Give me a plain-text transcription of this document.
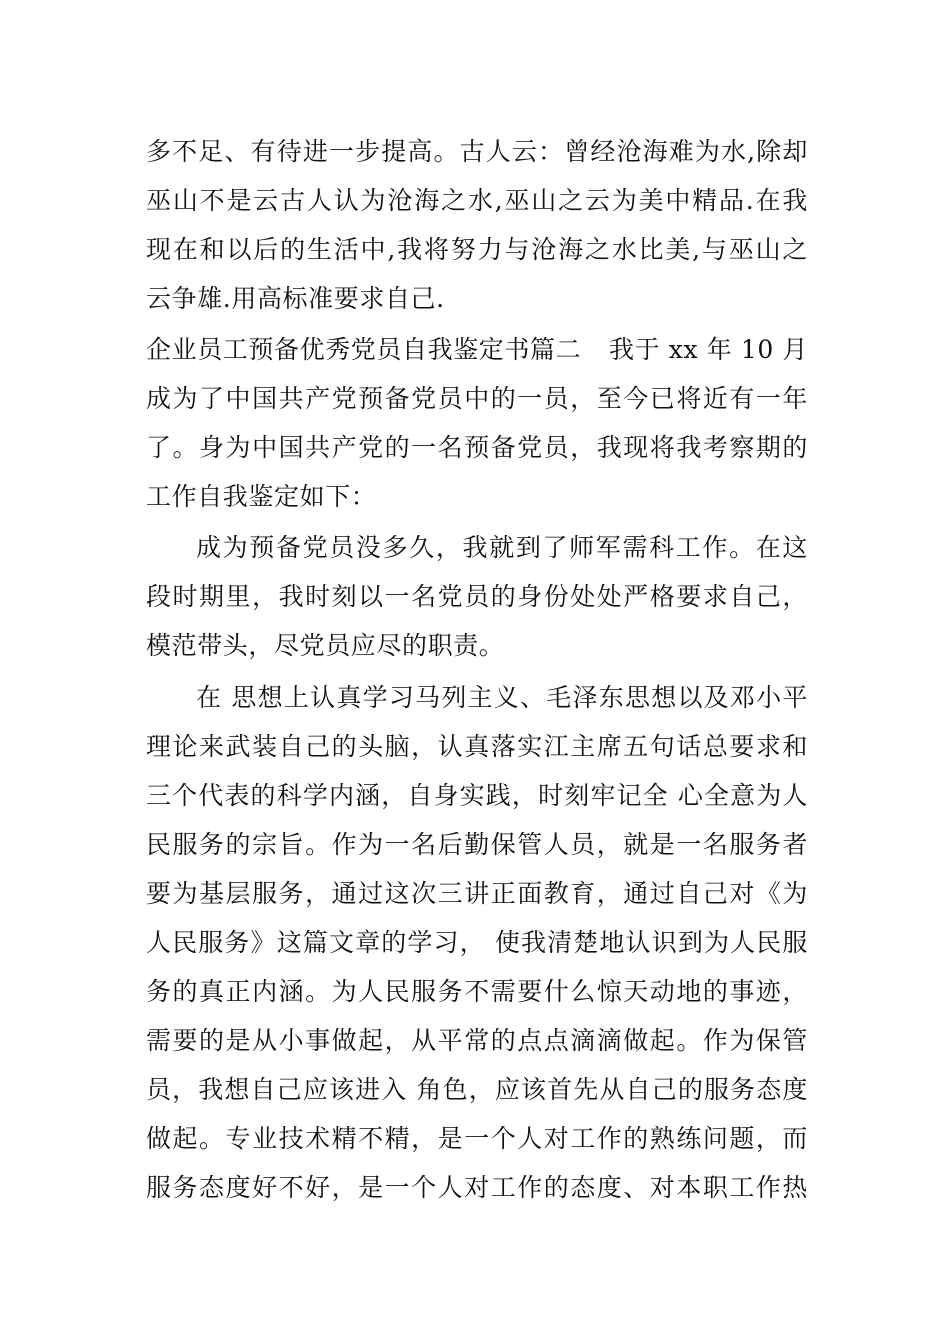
多不足、有待进一步提高。古人云：曾经沧海难为水,除却
巫山不是云古人认为沧海之水,巫山之云为美中精品.在我
现在和以后的生活中,我将努力与沧海之水比美,与巫山之
云争雄.用高标准要求自己.
企业员工预备优秀党员自我鉴定书篇二 我于 xx 年 10 月
成为了中国共产党预备党员中的一员，至今已将近有一年
了。身为中国共产党的一名预备党员，我现将我考察期的
工作自我鉴定如下：
成为预备党员没多久，我就到了师军需科工作。在这
段时期里，我时刻以一名党员的身份处处严格要求自己，
模范带头，尽党员应尽的职责。
在 思想上认真学习马列主义、毛泽东思想以及邓小平
理论来武装自己的头脑，认真落实江主席五句话总要求和
三个代表的科学内涵，自身实践，时刻牢记全 心全意为人
民服务的宗旨。作为一名后勤保管人员，就是一名服务者
要为基层服务，通过这次三讲正面教育，通过自己对《为
人民服务》这篇文章的学习， 使我清楚地认识到为人民服
务的真正内涵。为人民服务不需要什么惊天动地的事迹，
需要的是从小事做起，从平常的点点滴滴做起。作为保管
员，我想自己应该进入 角色，应该首先从自己的服务态度
做起。专业技术精不精，是一个人对工作的熟练问题，而
服务态度好不好，是一个人对工作的态度、对本职工作热
